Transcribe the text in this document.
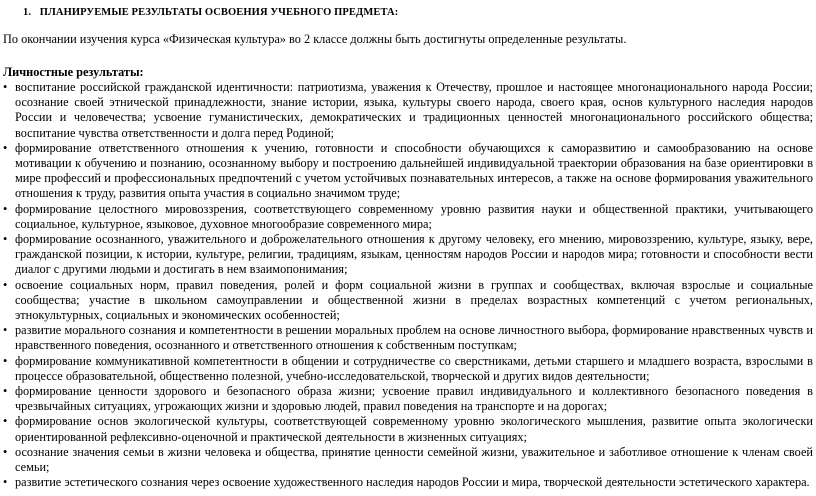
1. ПЛАНИРУЕМЫЕ РЕЗУЛЬТАТЫ ОСВОЕНИЯ УЧЕБНОГО ПРЕДМЕТА:

По окончании изучения курса «Физическая культура» во 2 классе должны быть достигнуты определенные результаты.

Личностные результаты:
• воспитание российской гражданской идентичности: патриотизма, уважения к Отечеству, прошлое и настоящее многонационального народа России; осознание своей этнической принадлежности, знание истории, языка, культуры своего народа, своего края, основ культурного наследия народов России и человечества; усвоение гуманистических, демократических и традиционных ценностей многонационального российского общества; воспитание чувства ответственности и долга перед Родиной;
• формирование ответственного отношения к учению, готовности и способности обучающихся к саморазвитию и самообразованию на основе мотивации к обучению и познанию, осознанному выбору и построению дальнейшей индивидуальной траектории образования на базе ориентировки в мире профессий и профессиональных предпочтений с учетом устойчивых познавательных интересов, а также на основе формирования уважительного отношения к труду, развития опыта участия в социально значимом труде;
• формирование целостного мировоззрения, соответствующего современному уровню развития науки и общественной практики, учитывающего социальное, культурное, языковое, духовное многообразие современного мира;
• формирование осознанного, уважительного и доброжелательного отношения к другому человеку, его мнению, мировоззрению, культуре, языку, вере, гражданской позиции, к истории, культуре, религии, традициям, языкам, ценностям народов России и народов мира; готовности и способности вести диалог с другими людьми и достигать в нем взаимопонимания;
• освоение социальных норм, правил поведения, ролей и форм социальной жизни в группах и сообществах, включая взрослые и социальные сообщества; участие в школьном самоуправлении и общественной жизни в пределах возрастных компетенций с учетом региональных, этнокультурных, социальных и экономических особенностей;
• развитие морального сознания и компетентности в решении моральных проблем на основе личностного выбора, формирование нравственных чувств и нравственного поведения, осознанного и ответственного отношения к собственным поступкам;
• формирование коммуникативной компетентности в общении и сотрудничестве со сверстниками, детьми старшего и младшего возраста, взрослыми в процессе образовательной, общественно полезной, учебно-исследовательской, творческой и других видов деятельности;
• формирование ценности здорового и безопасного образа жизни; усвоение правил индивидуального и коллективного безопасного поведения в чрезвычайных ситуациях, угрожающих жизни и здоровью людей, правил поведения на транспорте и на дорогах;
• формирование основ экологической культуры, соответствующей современному уровню экологического мышления, развитие опыта экологически ориентированной рефлексивно-оценочной и практической деятельности в жизненных ситуациях;
• осознание значения семьи в жизни человека и общества, принятие ценности семейной жизни, уважительное и заботливое отношение к членам своей семьи;
• развитие эстетического сознания через освоение художественного наследия народов России и мира, творческой деятельности эстетического характера.
